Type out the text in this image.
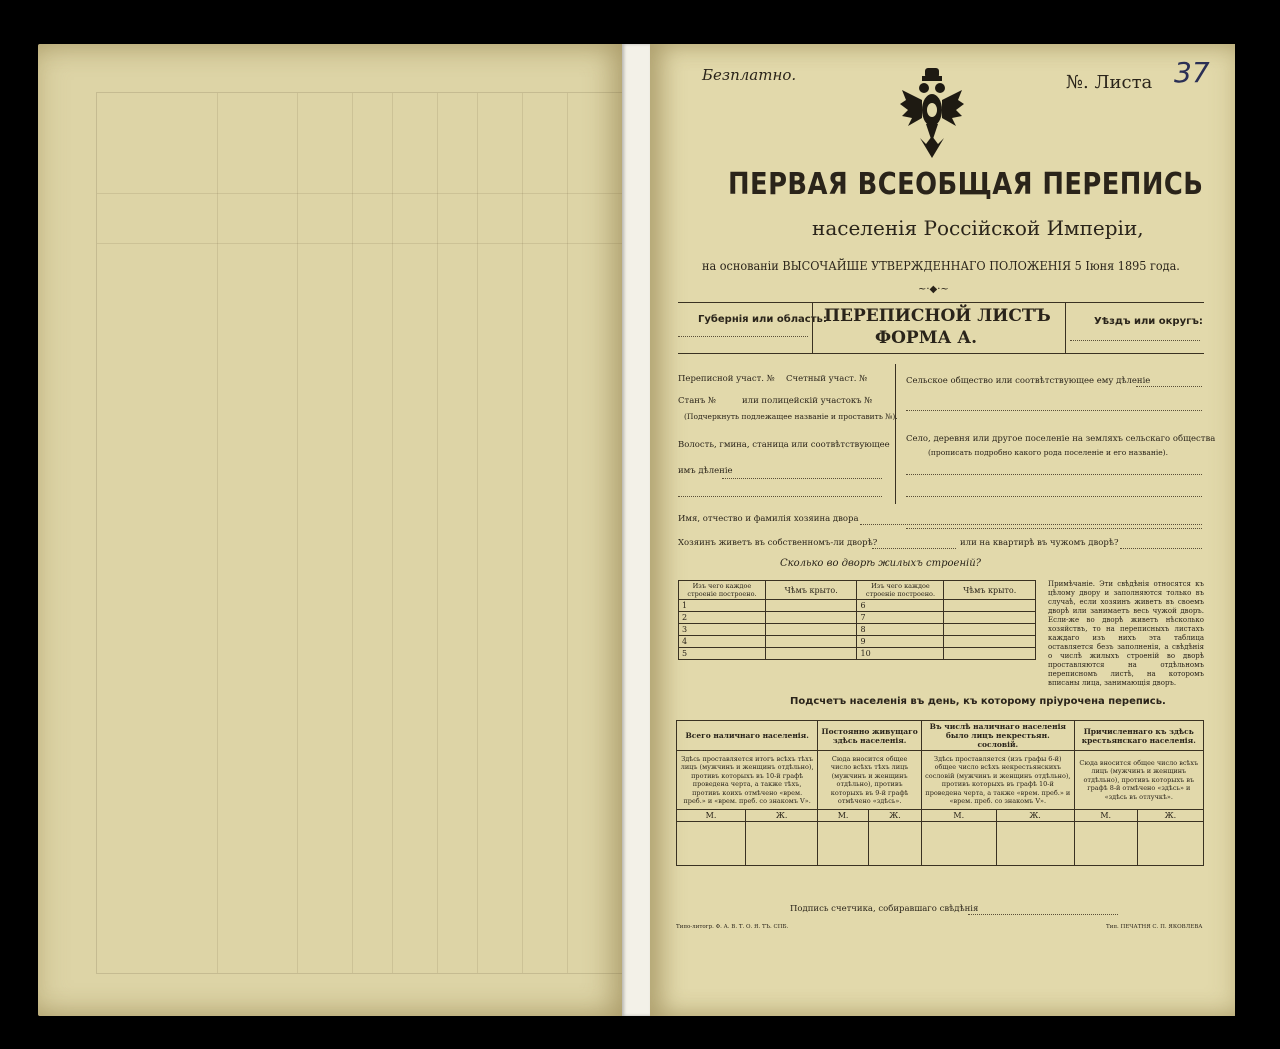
Безплатно.	№. Листа 37
ПЕРВАЯ ВСЕОБЩАЯ ПЕРЕПИСЬ
населенія Россійской Имперіи,
на основаніи ВЫСОЧАЙШЕ УТВЕРЖДЕННАГО ПОЛОЖЕНІЯ 5 Іюня 1895 года.
~·◆·~
Губернія или область:
ПЕРЕПИСНОЙ ЛИСТЪ
ФОРМА А.
Уѣздъ или округъ:
Переписной участ. № Счетный участ. №
Станъ №	или полицейскій участокъ №
(Подчеркнуть подлежащее названіе и проставить №).
Волость, гмина, станица или соотвѣтствующее
имъ дѣленіе
Сельское общество или соотвѣтствующее ему дѣленіе
Село, деревня или другое поселеніе на земляхъ сельскаго общества
(прописать подробно какого рода поселеніе и его названіе).
Имя, отчество и фамилія хозяина двора
Хозяинъ живетъ въ собственномъ-ли дворѣ?	или на квартирѣ въ чужомъ дворѣ?
Сколько во дворѣ жилыхъ строеній?
Изъ чего каждое строеніе построено.	Чѣмъ крыто.	Изъ чего каждое строеніе построено.	Чѣмъ крыто.
1		6	
2		7	
3		8	
4		9	
5		10	
Примѣчаніе. Эти свѣдѣнія относятся къ цѣлому двору и заполняются только въ случаѣ, если хозяинъ живетъ въ своемъ дворѣ или занимаетъ весь чужой дворъ. Если-же во дворѣ живетъ нѣсколько хозяйствъ, то на переписныхъ листахъ каждаго изъ нихъ эта таблица оставляется безъ заполненія, а свѣдѣнія о числѣ жилыхъ строеній во дворѣ проставляются на отдѣльномъ переписномъ листѣ, на которомъ вписаны лица, занимающія дворъ.
Подсчетъ населенія въ день, къ которому пріурочена перепись.
Всего наличнаго населенія.		Постоянно живущаго здѣсь населенія.		Въ числѣ наличнаго населенія было лицъ некрестьян. сословій.		Причисленнаго къ здѣсь крестьянскаго населенія.	
Здѣсь проставляется итогъ всѣхъ тѣхъ лицъ (мужчинъ и женщинъ отдѣльно), противъ которыхъ въ 10-й графѣ проведена черта, а также тѣхъ, противъ коихъ отмѣчено «врем. преб.» и «врем. преб. со знакомъ V».		Сюда вносится общее число всѣхъ тѣхъ лицъ (мужчинъ и женщинъ отдѣльно), противъ которыхъ въ 9-й графѣ отмѣчено «здѣсь».		Здѣсь проставляется (изъ графы 6-й) общее число всѣхъ некрестьянскихъ сословій (мужчинъ и женщинъ отдѣльно), противъ которыхъ въ графѣ 10-й проведена черта, а также «врем. преб.» и «врем. преб. со знакомъ V».		Сюда вносится общее число всѣхъ лицъ (мужчинъ и женщинъ отдѣльно), противъ которыхъ въ графѣ 8-й отмѣчено «здѣсь» и «здѣсь въ отлучкѣ».	
М.	Ж.	М.	Ж.	М.	Ж.	М.	Ж.

Подпись счетчика, собиравшаго свѣдѣнія
Типо-литогр. Ф. А. В. Т. О. Я. ТЪ. СПБ.	Тип. ПЕЧАТНЯ С. П. ЯКОВЛЕВА
